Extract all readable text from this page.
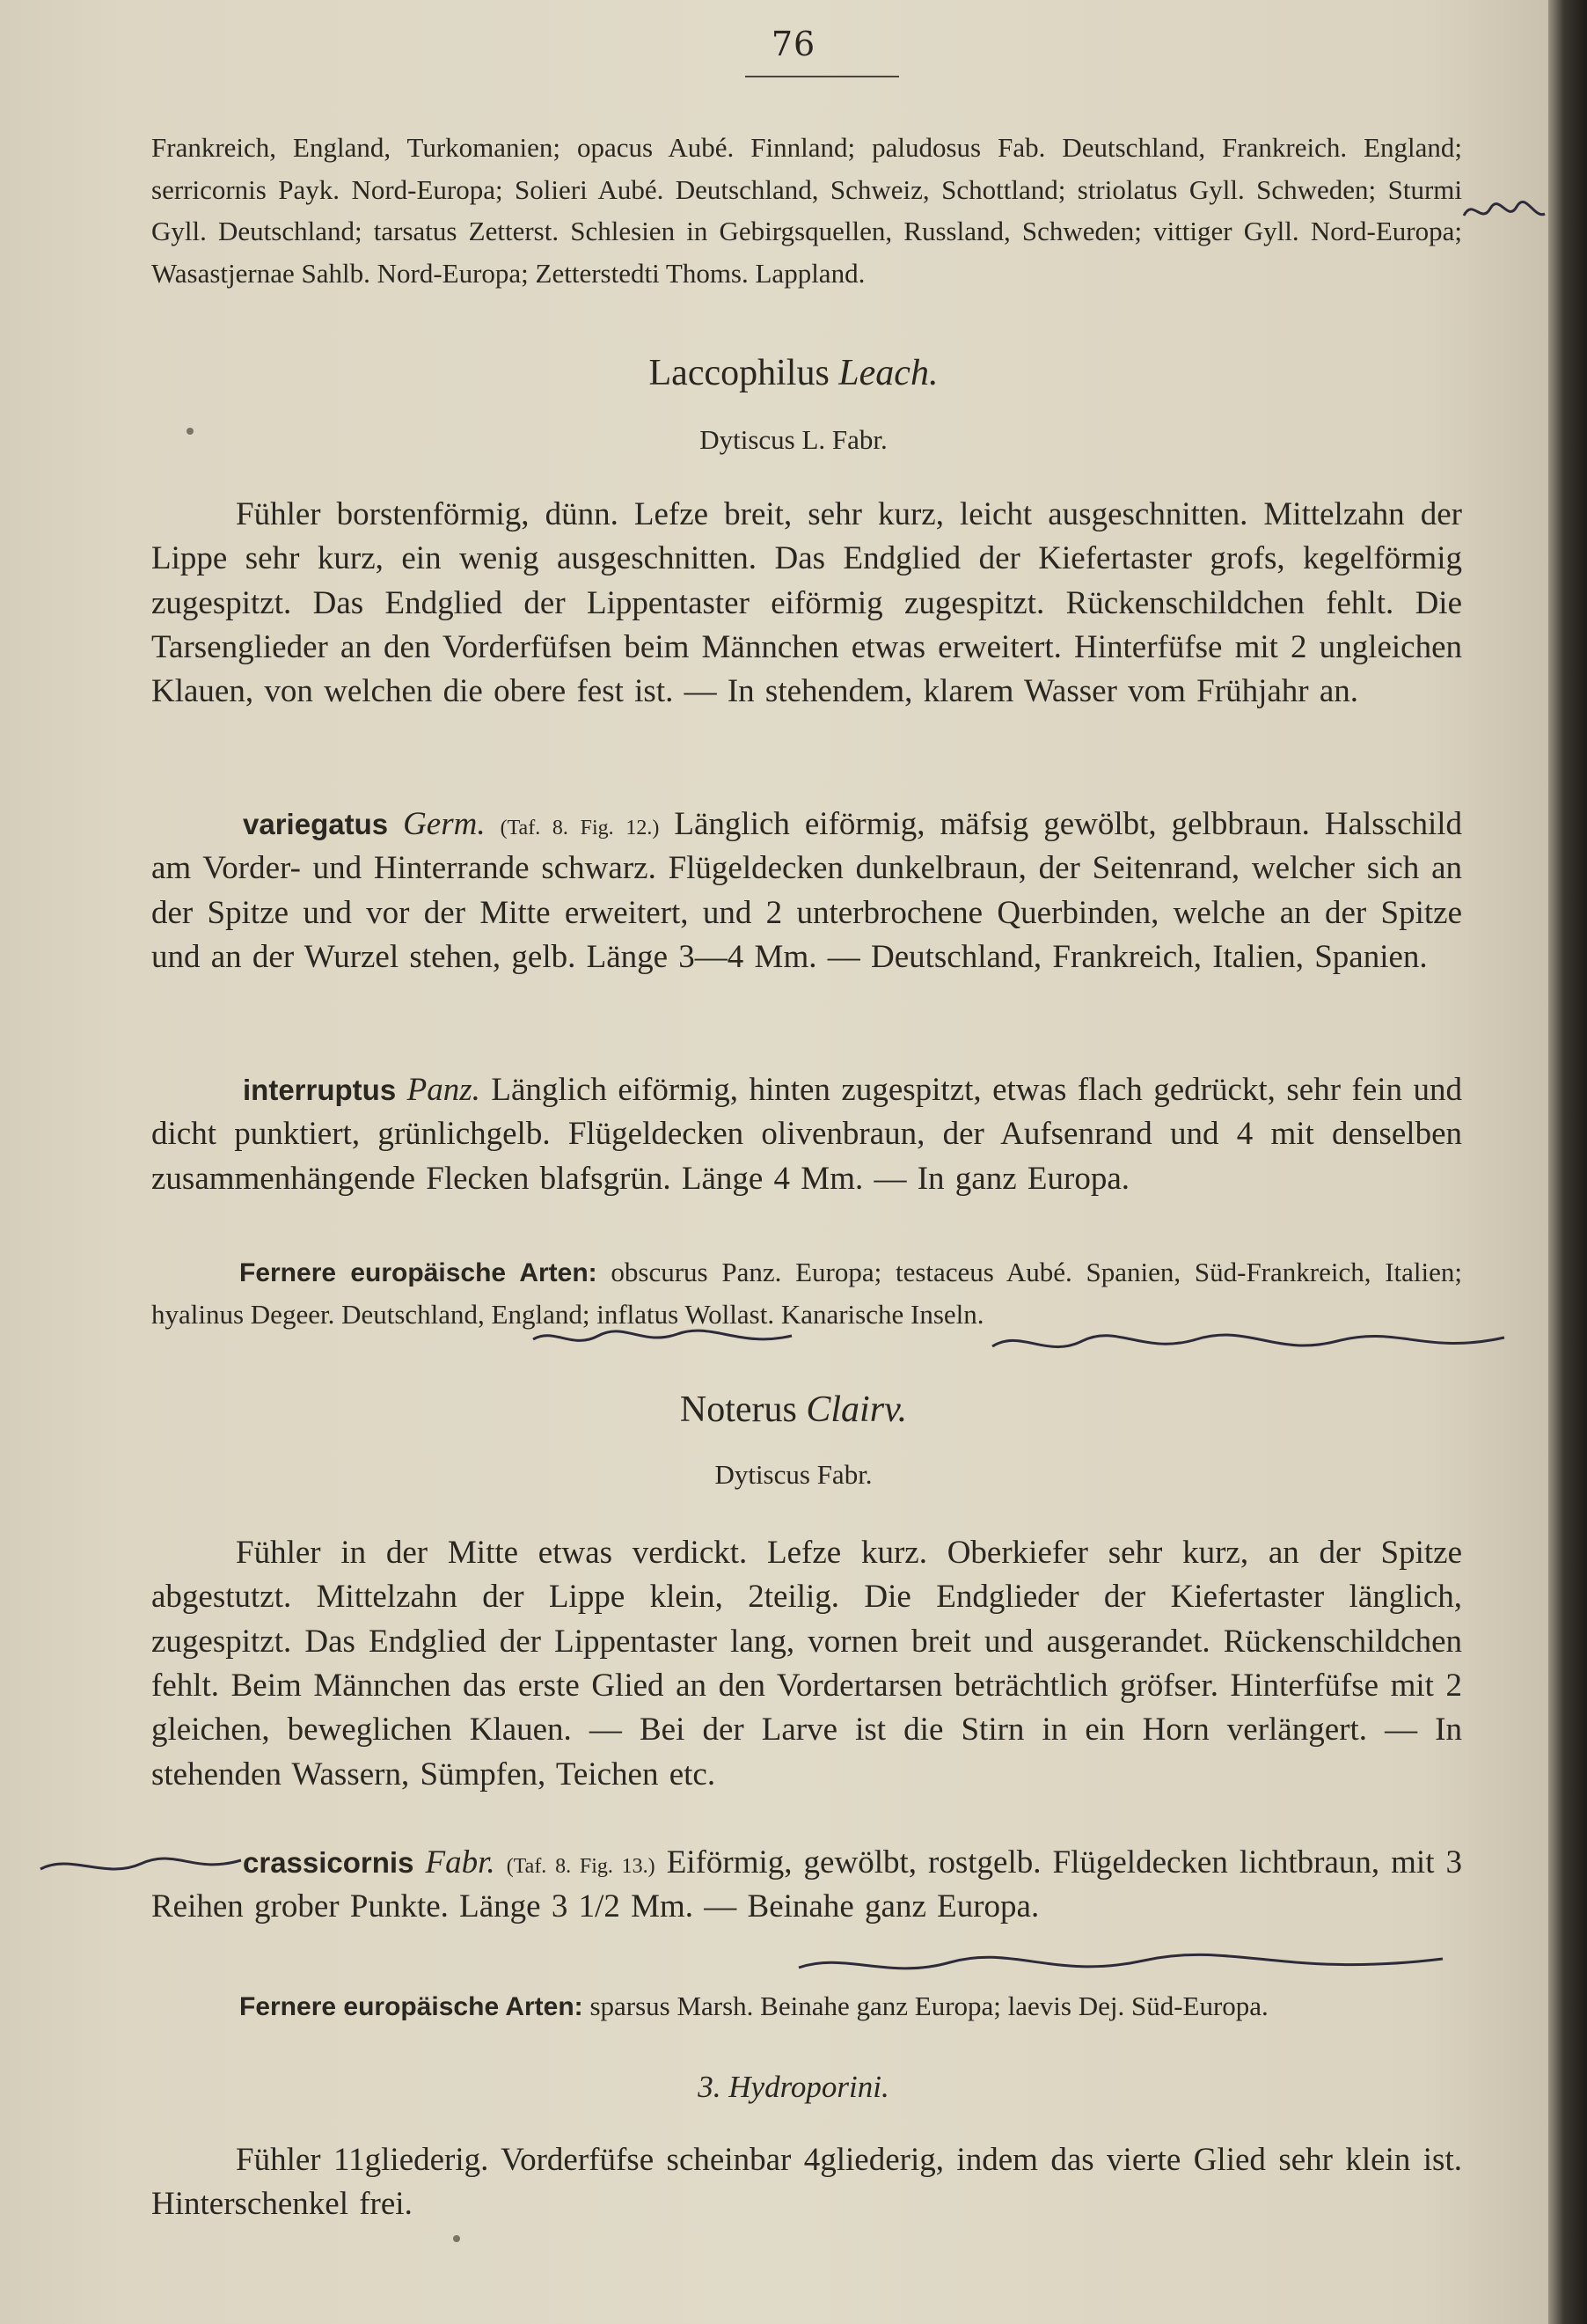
76
Frankreich, England, Turkomanien; opacus Aubé. Finnland; paludosus Fab. Deutschland, Frankreich. England; serricornis Payk. Nord-Europa; Solieri Aubé. Deutschland, Schweiz, Schottland; striolatus Gyll. Schweden; Sturmi Gyll. Deutschland; tarsatus Zetterst. Schlesien in Gebirgsquellen, Russland, Schweden; vittiger Gyll. Nord-Europa; Wasastjernae Sahlb. Nord-Europa; Zetterstedti Thoms. Lappland.
Laccophilus Leach.
Dytiscus L. Fabr.
Fühler borstenförmig, dünn. Lefze breit, sehr kurz, leicht ausgeschnitten. Mittelzahn der Lippe sehr kurz, ein wenig ausgeschnitten. Das Endglied der Kiefertaster grofs, kegelförmig zugespitzt. Das Endglied der Lippentaster eiförmig zugespitzt. Rückenschildchen fehlt. Die Tarsenglieder an den Vorderfüfsen beim Männchen etwas erweitert. Hinterfüfse mit 2 ungleichen Klauen, von welchen die obere fest ist. — In stehendem, klarem Wasser vom Frühjahr an.
variegatus Germ. (Taf. 8. Fig. 12.) Länglich eiförmig, mäfsig gewölbt, gelbbraun. Halsschild am Vorder- und Hinterrande schwarz. Flügeldecken dunkelbraun, der Seitenrand, welcher sich an der Spitze und vor der Mitte erweitert, und 2 unterbrochene Querbinden, welche an der Spitze und an der Wurzel stehen, gelb. Länge 3—4 Mm. — Deutschland, Frankreich, Italien, Spanien.
interruptus Panz. Länglich eiförmig, hinten zugespitzt, etwas flach gedrückt, sehr fein und dicht punktiert, grünlichgelb. Flügeldecken olivenbraun, der Aufsenrand und 4 mit denselben zusammenhängende Flecken blafsgrün. Länge 4 Mm. — In ganz Europa.
Fernere europäische Arten: obscurus Panz. Europa; testaceus Aubé. Spanien, Süd-Frankreich, Italien; hyalinus Degeer. Deutschland, England; inflatus Wollast. Kanarische Inseln.
Noterus Clairv.
Dytiscus Fabr.
Fühler in der Mitte etwas verdickt. Lefze kurz. Oberkiefer sehr kurz, an der Spitze abgestutzt. Mittelzahn der Lippe klein, 2teilig. Die Endglieder der Kiefertaster länglich, zugespitzt. Das Endglied der Lippentaster lang, vornen breit und ausgerandet. Rückenschildchen fehlt. Beim Männchen das erste Glied an den Vordertarsen beträchtlich gröfser. Hinterfüfse mit 2 gleichen, beweglichen Klauen. — Bei der Larve ist die Stirn in ein Horn verlängert. — In stehenden Wassern, Sümpfen, Teichen etc.
crassicornis Fabr. (Taf. 8. Fig. 13.) Eiförmig, gewölbt, rostgelb. Flügeldecken lichtbraun, mit 3 Reihen grober Punkte. Länge 3 1/2 Mm. — Beinahe ganz Europa.
Fernere europäische Arten: sparsus Marsh. Beinahe ganz Europa; laevis Dej. Süd-Europa.
3. Hydroporini.
Fühler 11gliederig. Vorderfüfse scheinbar 4gliederig, indem das vierte Glied sehr klein ist. Hinterschenkel frei.
